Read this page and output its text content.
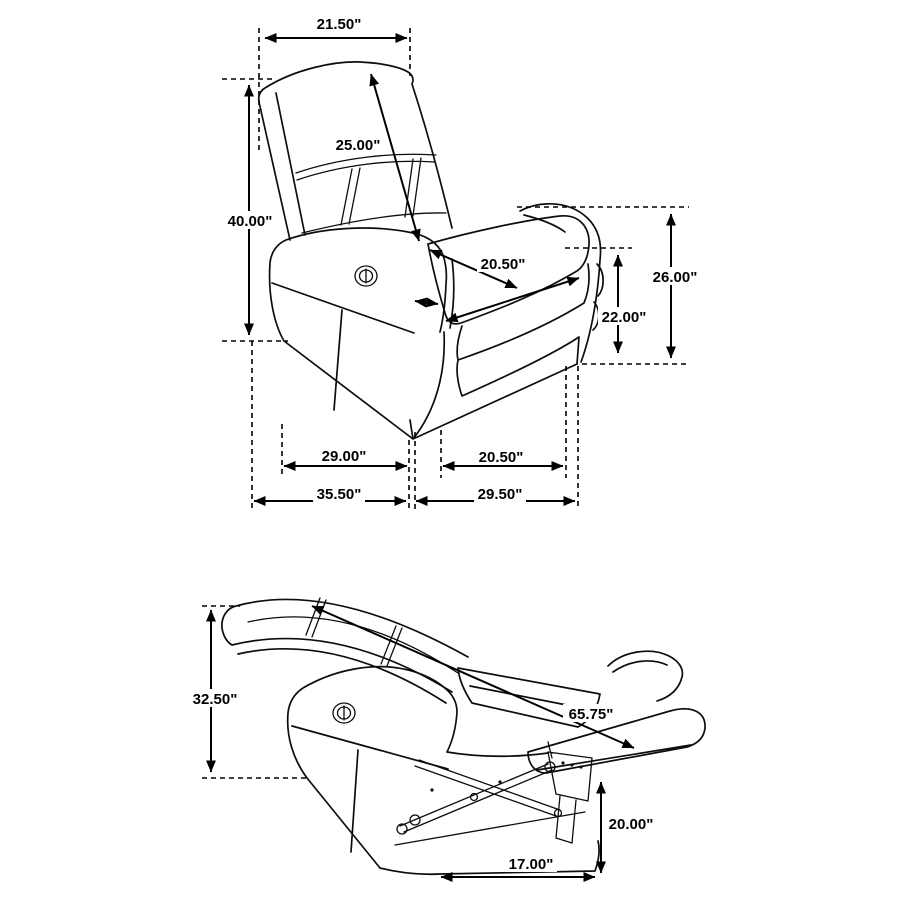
21.50"
25.00"
40.00"
20.50"
26.00"
22.00"
29.00"	20.50"
35.50"	29.50"
32.50"
65.75"
20.00"
17.00"
